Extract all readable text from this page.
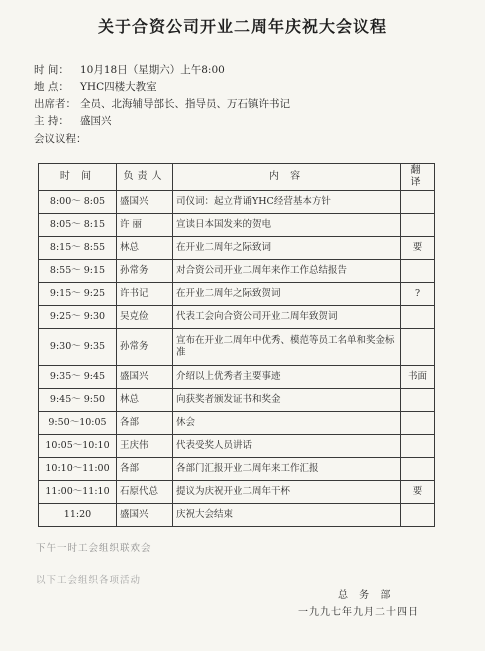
关于合资公司开业二周年庆祝大会议程
时 间： 10月18日（星期六）上午8:00
地 点： YHC四楼大教室
出席者： 全员、北海辅导部长、指导员、万石镇许书记
主 持： 盛国兴
会议议程：
时 间	负责人	内 容	翻译
8:00～ 8:05	盛国兴	司仪词：起立背诵YHC经营基本方针	
8:05～ 8:15	许 丽	宣读日本国发来的贺电	
8:15～ 8:55	林总	在开业二周年之际致词	要
8:55～ 9:15	孙常务	对合资公司开业二周年来作工作总结报告	
9:15～ 9:25	许书记	在开业二周年之际致贺词	?
9:25～ 9:30	吴克俭	代表工会向合资公司开业二周年致贺词	
9:30～ 9:35	孙常务	宣布在开业二周年中优秀、模范等员工名单和奖金标准	
9:35～ 9:45	盛国兴	介绍以上优秀者主要事迹	书面
9:45～ 9:50	林总	向获奖者颁发证书和奖金	
9:50～10:05	各部	休会	
10:05～10:10	王庆伟	代表受奖人员讲话	
10:10～11:00	各部	各部门汇报开业二周年来工作汇报	
11:00～11:10	石原代总	提议为庆祝开业二周年干杯	要
11:20	盛国兴	庆祝大会结束	
下午一时工会组织联欢会
以下工会组织各项活动
总 务 部
一九九七年九月二十四日
